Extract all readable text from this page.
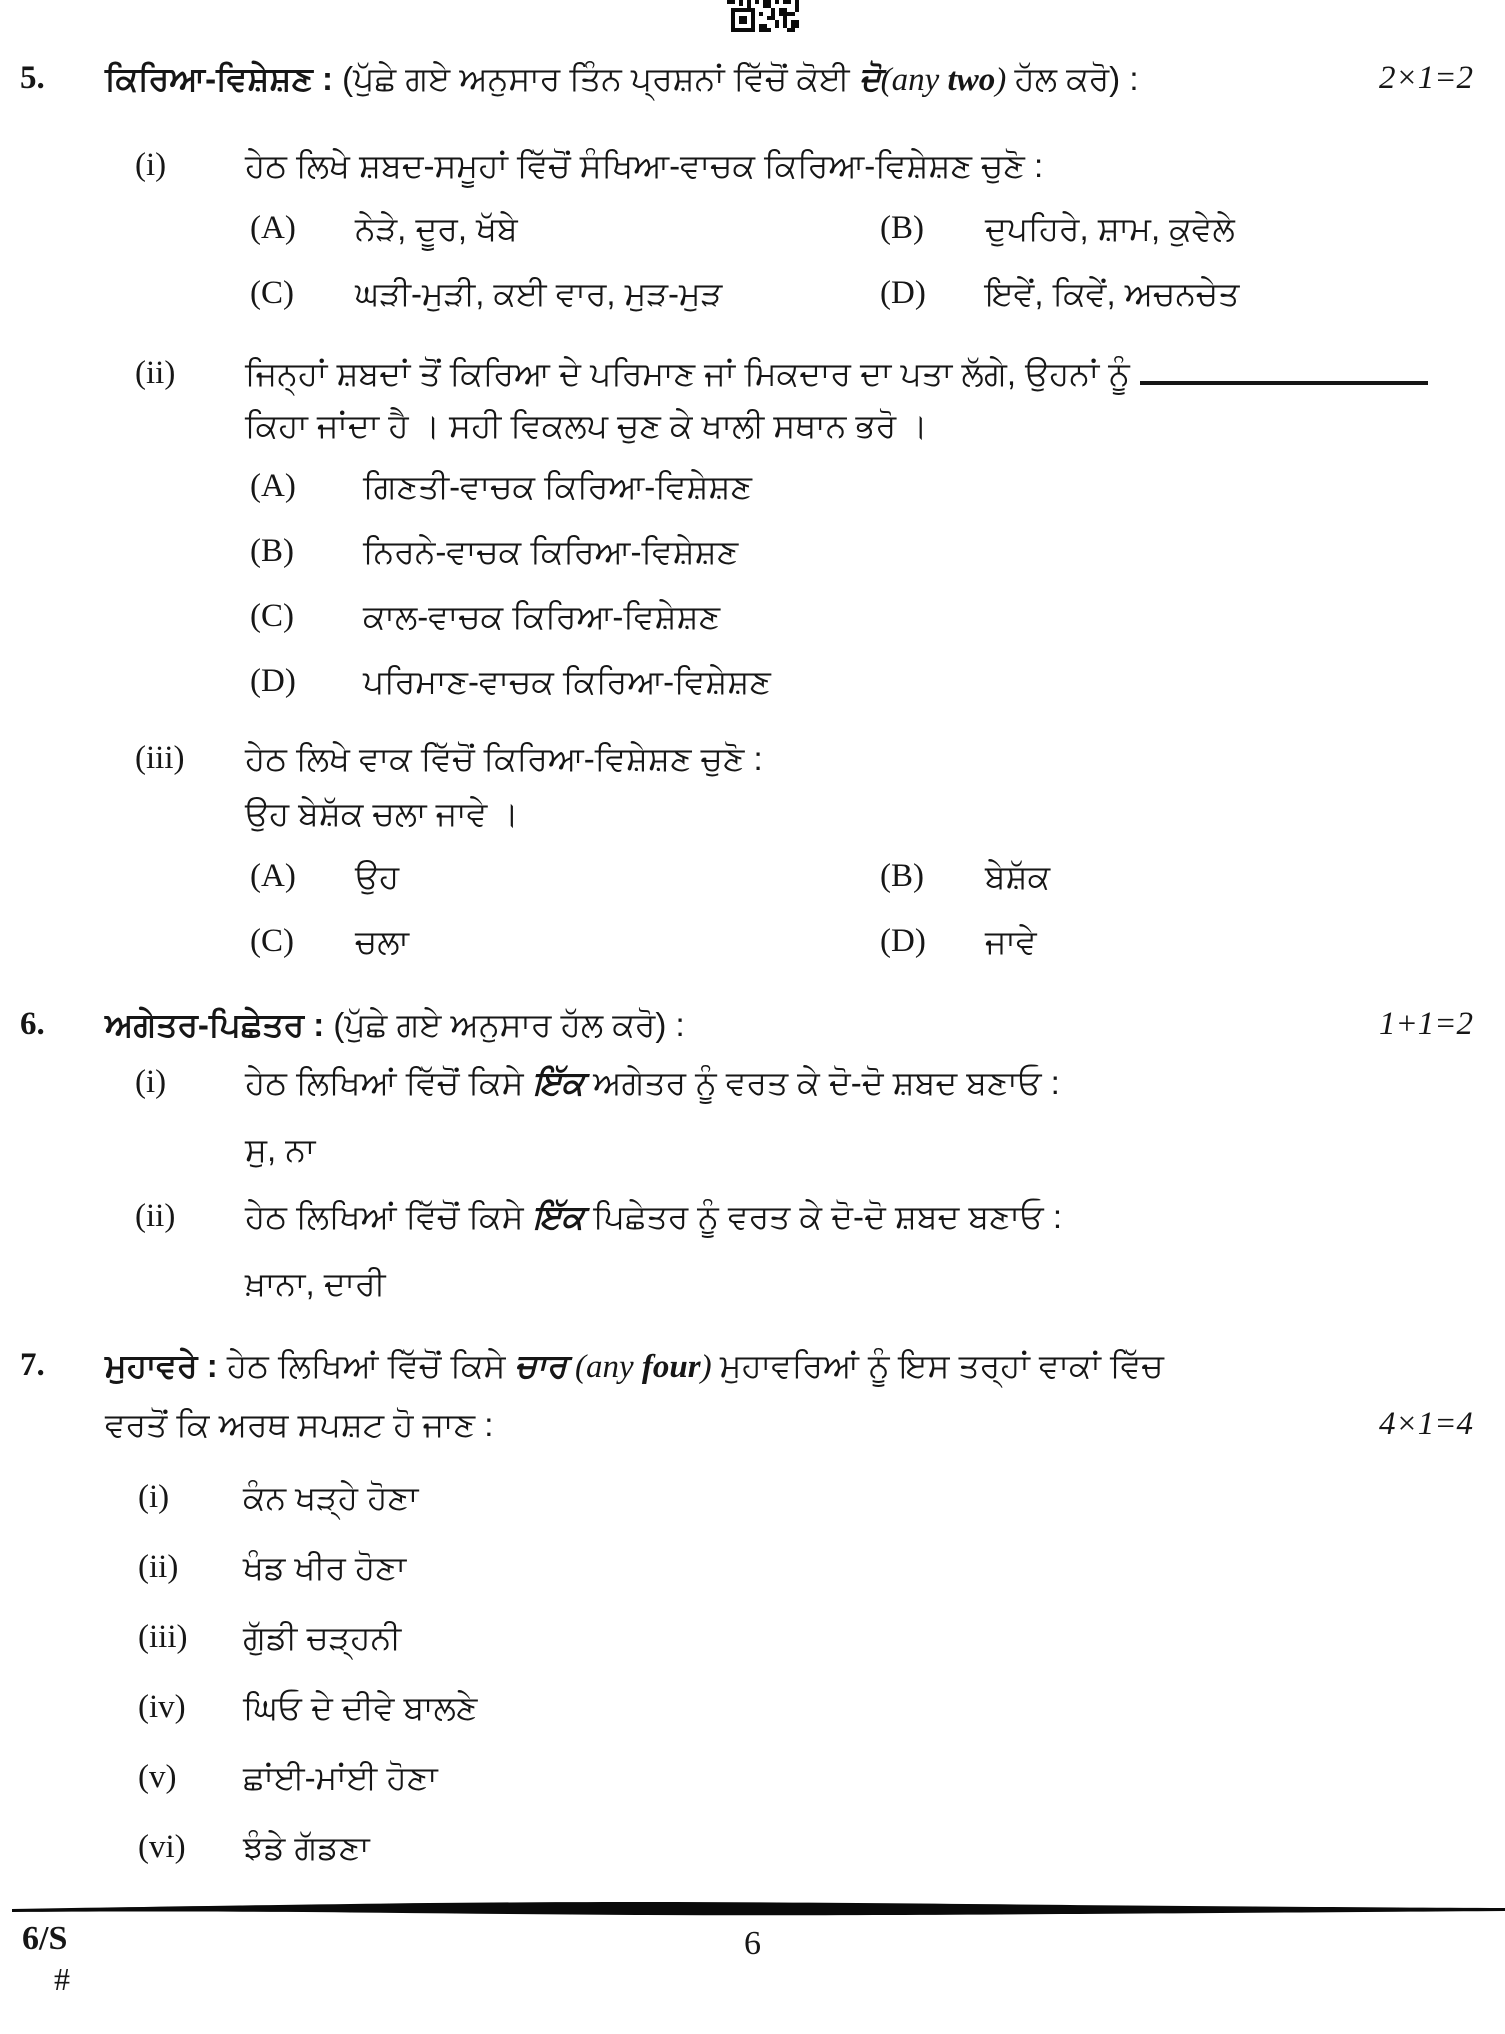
5.	ਕਿਰਿਆ-ਵਿਸ਼ੇਸ਼ਣ : (ਪੁੱਛੇ ਗਏ ਅਨੁਸਾਰ ਤਿੰਨ ਪ੍ਰਸ਼ਨਾਂ ਵਿੱਚੋਂ ਕੋਈ ਦੋ(any two) ਹੱਲ ਕਰੋ) :	2×1=2
(i)	ਹੇਠ ਲਿਖੇ ਸ਼ਬਦ-ਸਮੂਹਾਂ ਵਿੱਚੋਂ ਸੰਖਿਆ-ਵਾਚਕ ਕਿਰਿਆ-ਵਿਸ਼ੇਸ਼ਣ ਚੁਣੋ :
(A)	ਨੇੜੇ, ਦੂਰ, ਖੱਬੇ	(B)	ਦੁਪਹਿਰੇ, ਸ਼ਾਮ, ਕੁਵੇਲੇ
(C)	ਘੜੀ-ਮੁੜੀ, ਕਈ ਵਾਰ, ਮੁੜ-ਮੁੜ	(D)	ਇਵੇਂ, ਕਿਵੇਂ, ਅਚਨਚੇਤ
(ii)	ਜਿਨ੍ਹਾਂ ਸ਼ਬਦਾਂ ਤੋਂ ਕਿਰਿਆ ਦੇ ਪਰਿਮਾਣ ਜਾਂ ਮਿਕਦਾਰ ਦਾ ਪਤਾ ਲੱਗੇ, ਉਹਨਾਂ ਨੂੰ
ਕਿਹਾ ਜਾਂਦਾ ਹੈ । ਸਹੀ ਵਿਕਲਪ ਚੁਣ ਕੇ ਖਾਲੀ ਸਥਾਨ ਭਰੋ ।
(A)	ਗਿਣਤੀ-ਵਾਚਕ ਕਿਰਿਆ-ਵਿਸ਼ੇਸ਼ਣ
(B)	ਨਿਰਨੇ-ਵਾਚਕ ਕਿਰਿਆ-ਵਿਸ਼ੇਸ਼ਣ
(C)	ਕਾਲ-ਵਾਚਕ ਕਿਰਿਆ-ਵਿਸ਼ੇਸ਼ਣ
(D)	ਪਰਿਮਾਣ-ਵਾਚਕ ਕਿਰਿਆ-ਵਿਸ਼ੇਸ਼ਣ
(iii)	ਹੇਠ ਲਿਖੇ ਵਾਕ ਵਿੱਚੋਂ ਕਿਰਿਆ-ਵਿਸ਼ੇਸ਼ਣ ਚੁਣੋ :
ਉਹ ਬੇਸ਼ੱਕ ਚਲਾ ਜਾਵੇ ।
(A)	ਉਹ	(B)	ਬੇਸ਼ੱਕ
(C)	ਚਲਾ	(D)	ਜਾਵੇ
6.	ਅਗੇਤਰ-ਪਿਛੇਤਰ : (ਪੁੱਛੇ ਗਏ ਅਨੁਸਾਰ ਹੱਲ ਕਰੋ) :	1+1=2
(i)	ਹੇਠ ਲਿਖਿਆਂ ਵਿੱਚੋਂ ਕਿਸੇ ਇੱਕ ਅਗੇਤਰ ਨੂੰ ਵਰਤ ਕੇ ਦੋ-ਦੋ ਸ਼ਬਦ ਬਣਾਓ :
ਸੁ, ਨਾ
(ii)	ਹੇਠ ਲਿਖਿਆਂ ਵਿੱਚੋਂ ਕਿਸੇ ਇੱਕ ਪਿਛੇਤਰ ਨੂੰ ਵਰਤ ਕੇ ਦੋ-ਦੋ ਸ਼ਬਦ ਬਣਾਓ :
ਖ਼ਾਨਾ, ਦਾਰੀ
7.	ਮੁਹਾਵਰੇ : ਹੇਠ ਲਿਖਿਆਂ ਵਿੱਚੋਂ ਕਿਸੇ ਚਾਰ (any four) ਮੁਹਾਵਰਿਆਂ ਨੂੰ ਇਸ ਤਰ੍ਹਾਂ ਵਾਕਾਂ ਵਿੱਚ
ਵਰਤੋਂ ਕਿ ਅਰਥ ਸਪਸ਼ਟ ਹੋ ਜਾਣ :	4×1=4
(i)	ਕੰਨ ਖੜ੍ਹੇ ਹੋਣਾ
(ii)	ਖੰਡ ਖੀਰ ਹੋਣਾ
(iii)	ਗੁੱਡੀ ਚੜ੍ਹਨੀ
(iv)	ਘਿਓ ਦੇ ਦੀਵੇ ਬਾਲਣੇ
(v)	ਛਾਂਈ-ਮਾਂਈ ਹੋਣਾ
(vi)	ਝੰਡੇ ਗੱਡਣਾ
6/S
#
6
